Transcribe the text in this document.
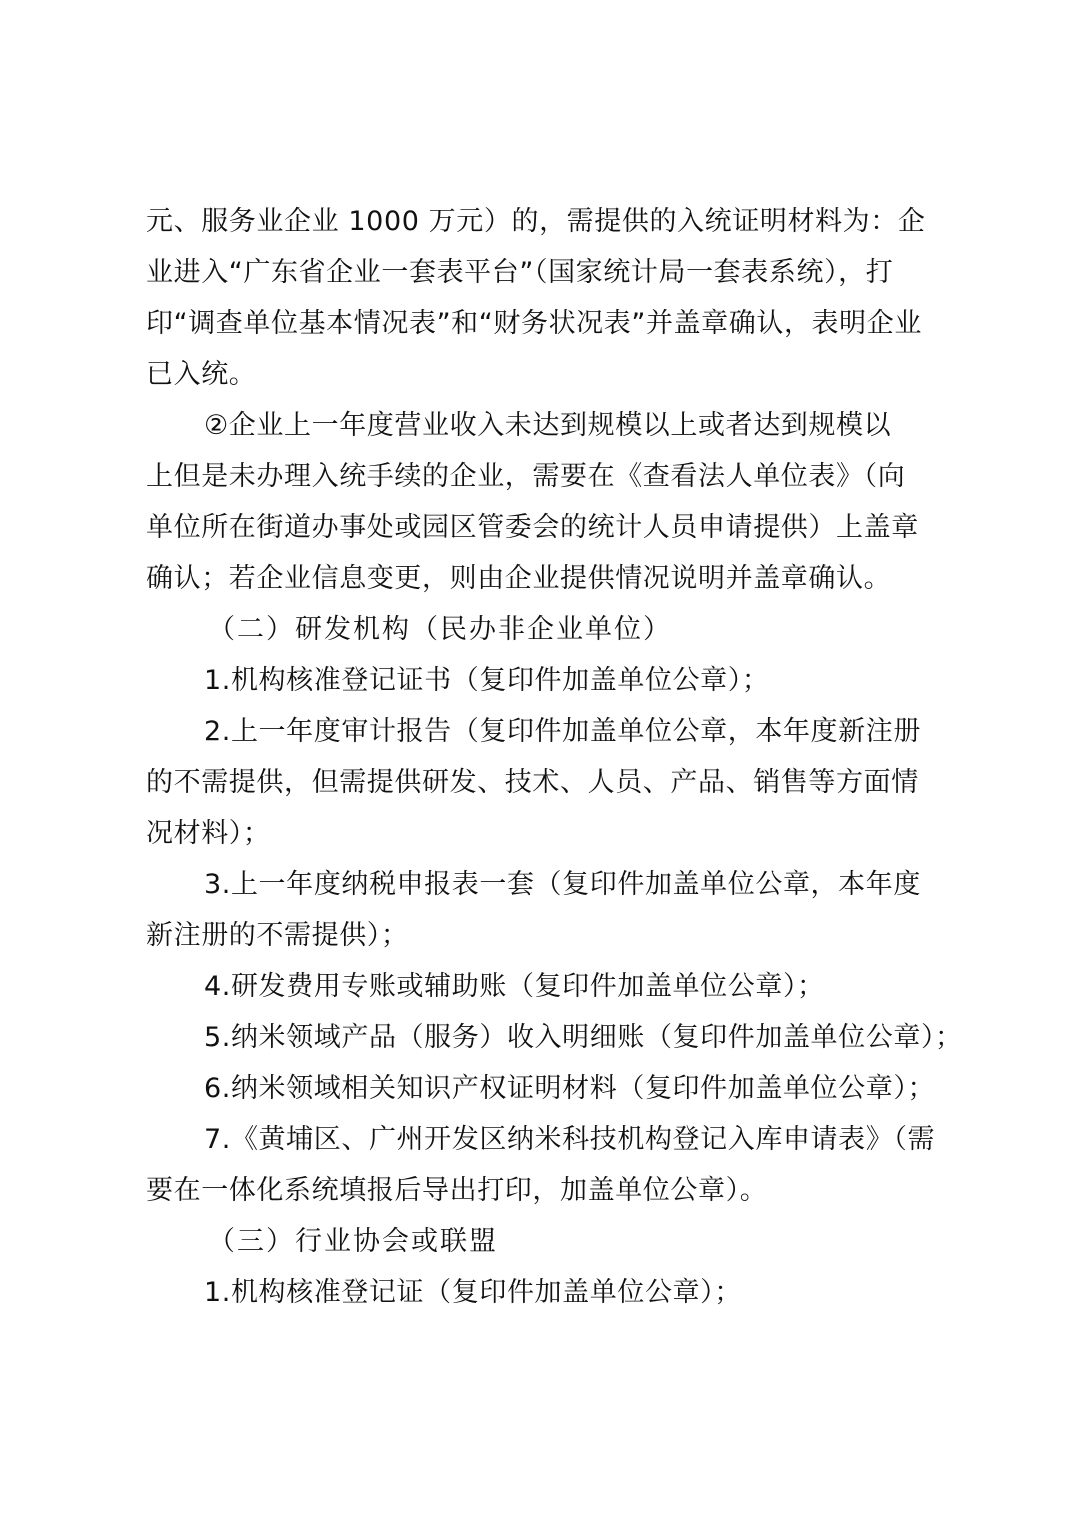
元、服务业企业 1000 万元）的，需提供的入统证明材料为：企
业进入“广东省企业一套表平台”（国家统计局一套表系统），打
印“调查单位基本情况表”和“财务状况表”并盖章确认，表明企业
已入统。
②企业上一年度营业收入未达到规模以上或者达到规模以
上但是未办理入统手续的企业，需要在《查看法人单位表》（向
单位所在街道办事处或园区管委会的统计人员申请提供）上盖章
确认；若企业信息变更，则由企业提供情况说明并盖章确认。
（二）研发机构（民办非企业单位）
1.机构核准登记证书（复印件加盖单位公章）；
2.上一年度审计报告（复印件加盖单位公章，本年度新注册
的不需提供，但需提供研发、技术、人员、产品、销售等方面情
况材料）；
3.上一年度纳税申报表一套（复印件加盖单位公章，本年度
新注册的不需提供）；
4.研发费用专账或辅助账（复印件加盖单位公章）；
5.纳米领域产品（服务）收入明细账（复印件加盖单位公章）；
6.纳米领域相关知识产权证明材料（复印件加盖单位公章）；
7.《黄埔区、广州开发区纳米科技机构登记入库申请表》（需
要在一体化系统填报后导出打印，加盖单位公章）。
（三）行业协会或联盟
1.机构核准登记证（复印件加盖单位公章）；
